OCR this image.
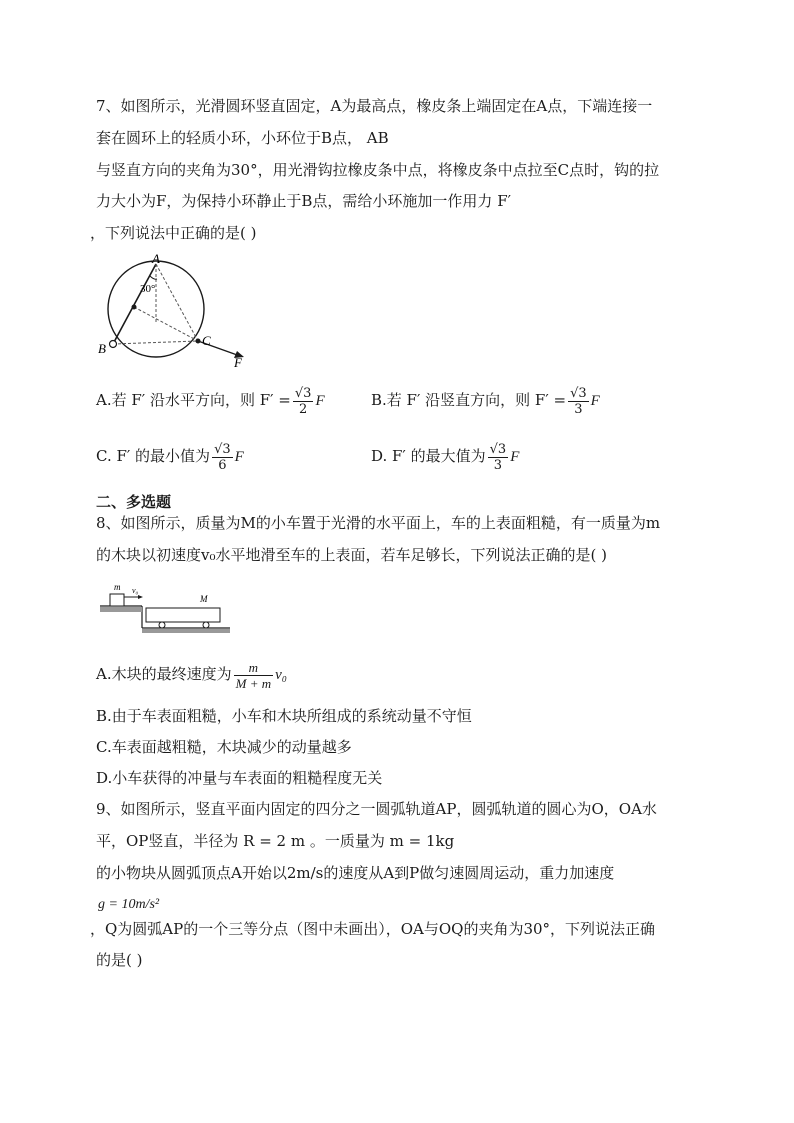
7、如图所示，光滑圆环竖直固定，A为最高点，橡皮条上端固定在A点，下端连接一
套在圆环上的轻质小环，小环位于B点， AB
与竖直方向的夹角为30°，用光滑钩拉橡皮条中点，将橡皮条中点拉至C点时，钩的拉
力大小为F，为保持小环静止于B点，需给小环施加一作用力 F′
，下列说法中正确的是( )
A
30°
B
C
F
A.若 F′ 沿水平方向，则 $F' = \frac{√3}{2}$ F	B.若 F′ 沿竖直方向，则 $F' = \frac{√3}{3}$ F
C. F′ 的最小值为 $\frac{√3}{6}$ F	D. F′ 的最大值为 $\frac{√3}{3}$ F
二、多选题
8、如图所示，质量为M的小车置于光滑的水平面上，车的上表面粗糙，有一质量为m
的木块以初速度v₀水平地滑至车的上表面，若车足够长，下列说法正确的是( )
m v₀
M
A.木块的最终速度为 $\frac{m}{M + m} v_0$
B.由于车表面粗糙，小车和木块所组成的系统动量不守恒
C.车表面越粗糙，木块减少的动量越多
D.小车获得的冲量与车表面的粗糙程度无关
9、如图所示，竖直平面内固定的四分之一圆弧轨道AP，圆弧轨道的圆心为O，OA水
平，OP竖直，半径为 R = 2 m 。一质量为 m = 1kg
的小物块从圆弧顶点A开始以2m/s的速度从A到P做匀速圆周运动，重力加速度
g = 10m/s²
，Q为圆弧AP的一个三等分点（图中未画出），OA与OQ的夹角为30°，下列说法正确
的是( )
